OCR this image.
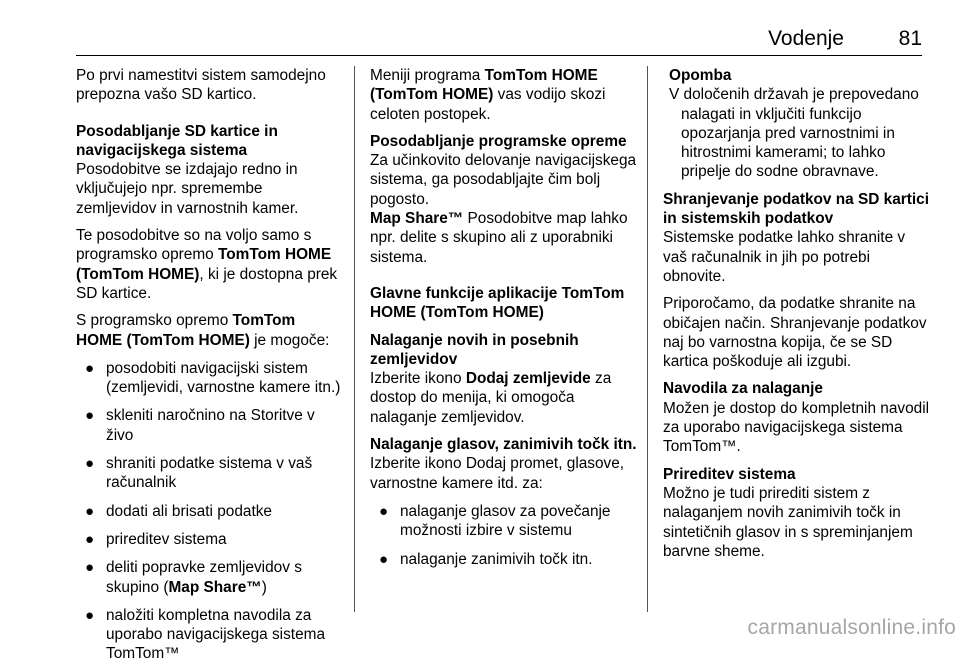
Vodenje	81

Po prvi namestitvi sistem samodejno prepozna vašo SD kartico.

Posodabljanje SD kartice in navigacijskega sistema

Posodobitve se izdajajo redno in vključujejo npr. spremembe zemljevidov in varnostnih kamer.

Te posodobitve so na voljo samo s programsko opremo TomTom HOME (TomTom HOME), ki je dostopna prek SD kartice.

S programsko opremo TomTom HOME (TomTom HOME) je mogoče:

● posodobiti navigacijski sistem (zemljevidi, varnostne kamere itn.)
● skleniti naročnino na Storitve v živo
● shraniti podatke sistema v vaš računalnik
● dodati ali brisati podatke
● prireditev sistema
● deliti popravke zemljevidov s skupino (Map Share™)
● naložiti kompletna navodila za uporabo navigacijskega sistema TomTom™

Meniji programa TomTom HOME (TomTom HOME) vas vodijo skozi celoten postopek.

Posodabljanje programske opreme

Za učinkovito delovanje navigacijskega sistema, ga posodabljajte čim bolj pogosto.

Map Share™ Posodobitve map lahko npr. delite s skupino ali z uporabniki sistema.

Glavne funkcije aplikacije TomTom HOME (TomTom HOME)

Nalaganje novih in posebnih zemljevidov

Izberite ikono Dodaj zemljevide za dostop do menija, ki omogoča nalaganje zemljevidov.

Nalaganje glasov, zanimivih točk itn.

Izberite ikono Dodaj promet, glasove, varnostne kamere itd. za:

● nalaganje glasov za povečanje možnosti izbire v sistemu
● nalaganje zanimivih točk itn.

Opomba

V določenih državah je prepovedano nalagati in vključiti funkcijo opozarjanja pred varnostnimi in hitrostnimi kamerami; to lahko pripelje do sodne obravnave.

Shranjevanje podatkov na SD kartici in sistemskih podatkov

Sistemske podatke lahko shranite v vaš računalnik in jih po potrebi obnovite.

Priporočamo, da podatke shranite na običajen način. Shranjevanje podatkov naj bo varnostna kopija, če se SD kartica poškoduje ali izgubi.

Navodila za nalaganje

Možen je dostop do kompletnih navodil za uporabo navigacijskega sistema TomTom™.

Prireditev sistema

Možno je tudi prirediti sistem z nalaganjem novih zanimivih točk in sintetičnih glasov in s spreminjanjem barvne sheme.

carmanualsonline.info
